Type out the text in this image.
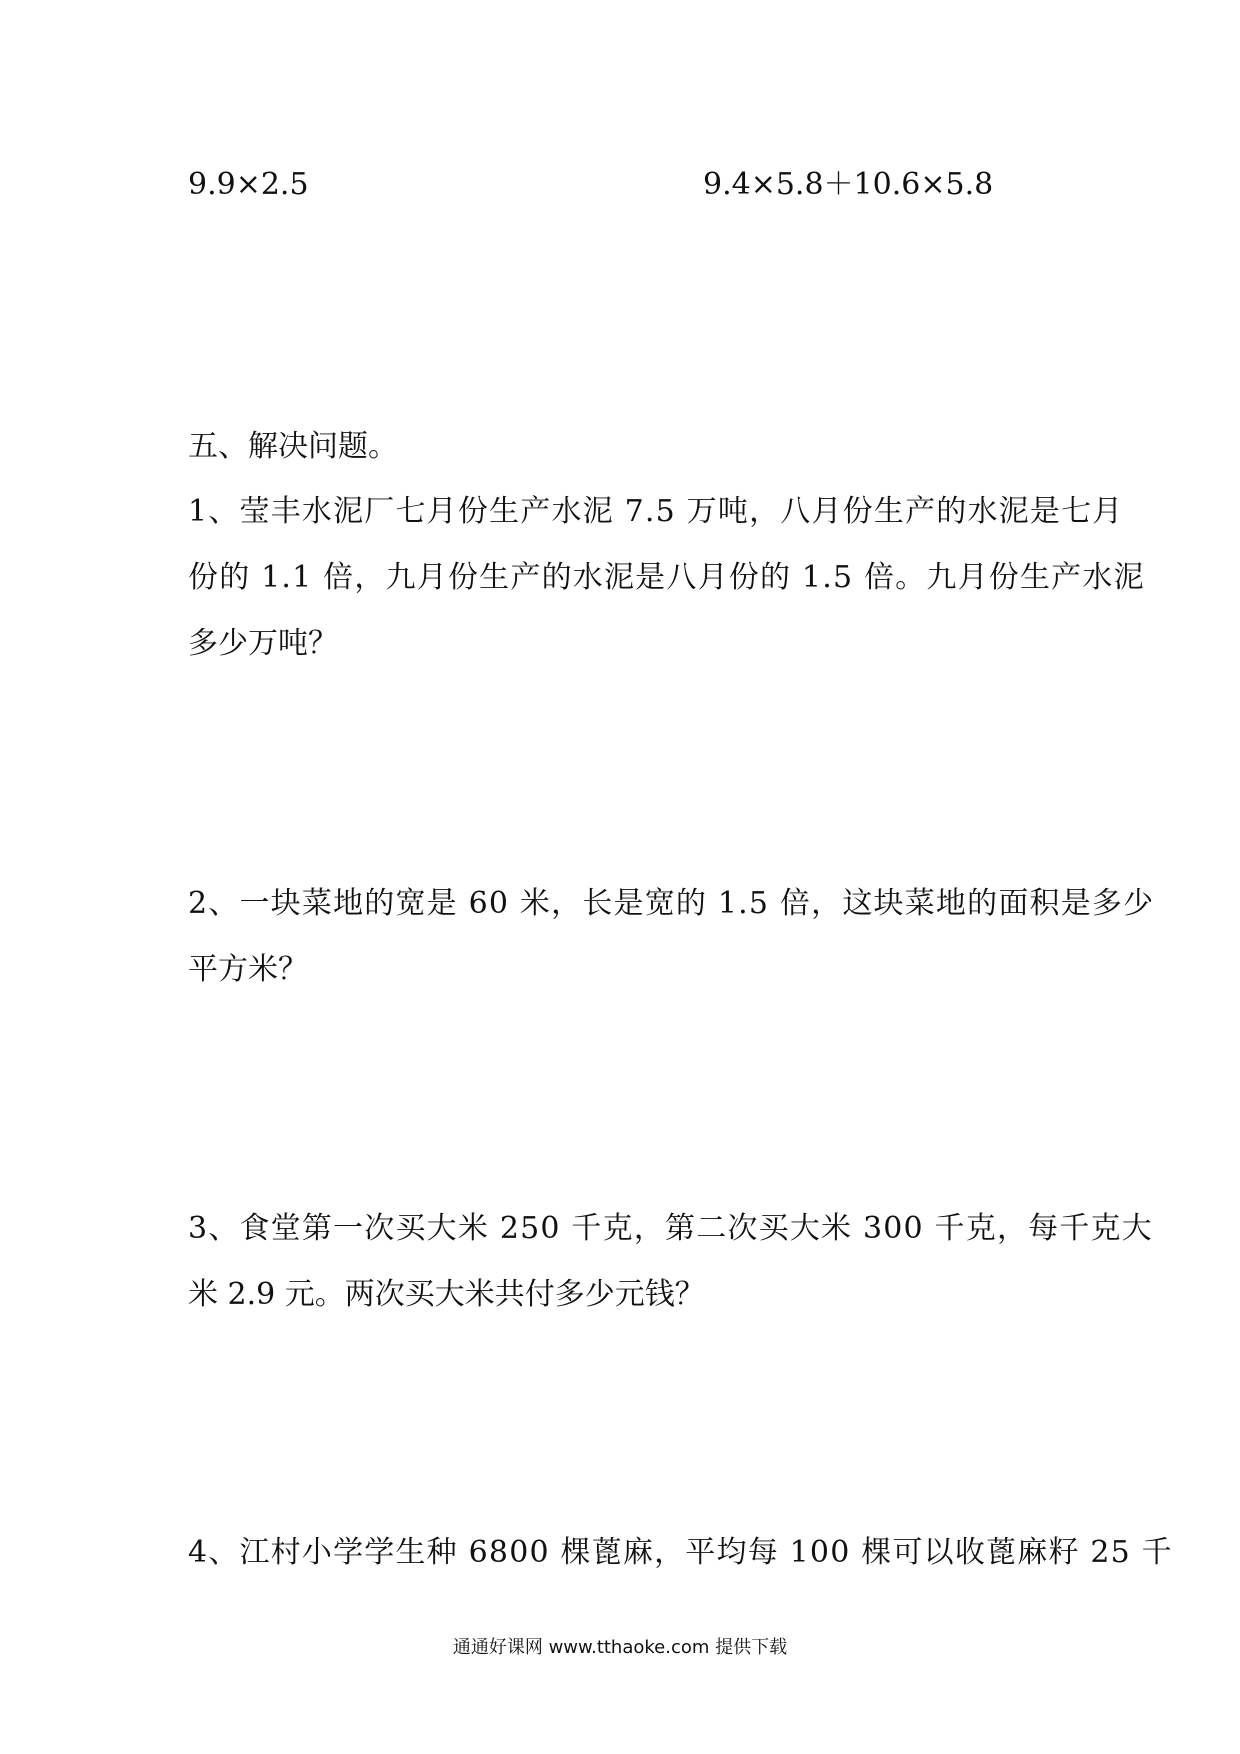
9.9×2.5	9.4×5.8＋10.6×5.8
五、解决问题。

1、莹丰水泥厂七月份生产水泥 7.5 万吨，八月份生产的水泥是七月

份的 1.1 倍，九月份生产的水泥是八月份的 1.5 倍。九月份生产水泥

多少万吨？

2、一块菜地的宽是 60 米，长是宽的 1.5 倍，这块菜地的面积是多少

平方米？

3、食堂第一次买大米 250 千克，第二次买大米 300 千克，每千克大

米 2.9 元。两次买大米共付多少元钱？

4、江村小学学生种 6800 棵蓖麻，平均每 100 棵可以收蓖麻籽 25 千

通通好课网 www.tthaoke.com 提供下载
